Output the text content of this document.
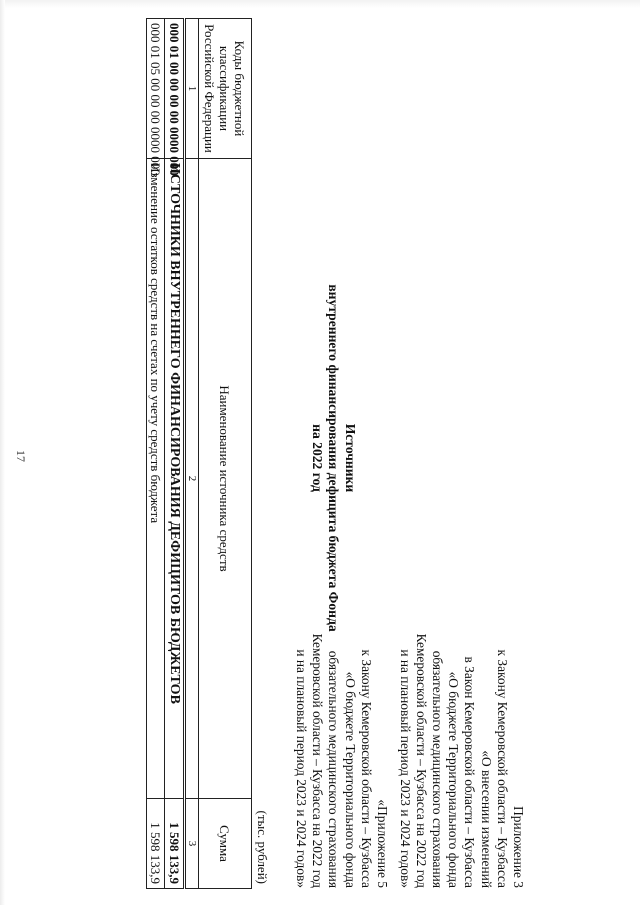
17
Приложение 3
к Закону Кемеровской области – Кузбасса
«О внесении изменений
в Закон Кемеровской области – Кузбасса
«О бюджете Территориального фонда
обязательного медицинского страхования
Кемеровской области – Кузбасса на 2022 год
и на плановый период 2023 и 2024 годов»
«Приложение 5
к Закону Кемеровской области – Кузбасса
«О бюджете Территориального фонда
обязательного медицинского страхования
Кемеровской области – Кузбасса на 2022 год
и на плановый период 2023 и 2024 годов»
Источники
внутреннего финансирования дефицита бюджета Фонда
на 2022 год
(тыс. рублей)
Коды бюджетной классификации Российской Федерации	Наименование источника средств	Сумма
1	2	3
000 01 00 00 00 00 0000 000	ИСТОЧНИКИ ВНУТРЕННЕГО ФИНАНСИРОВАНИЯ ДЕФИЦИТОВ БЮДЖЕТОВ	1 598 133,9
000 01 05 00 00 00 0000 000	Изменение остатков средств на счетах по учету средств бюджета	1 598 133,9
